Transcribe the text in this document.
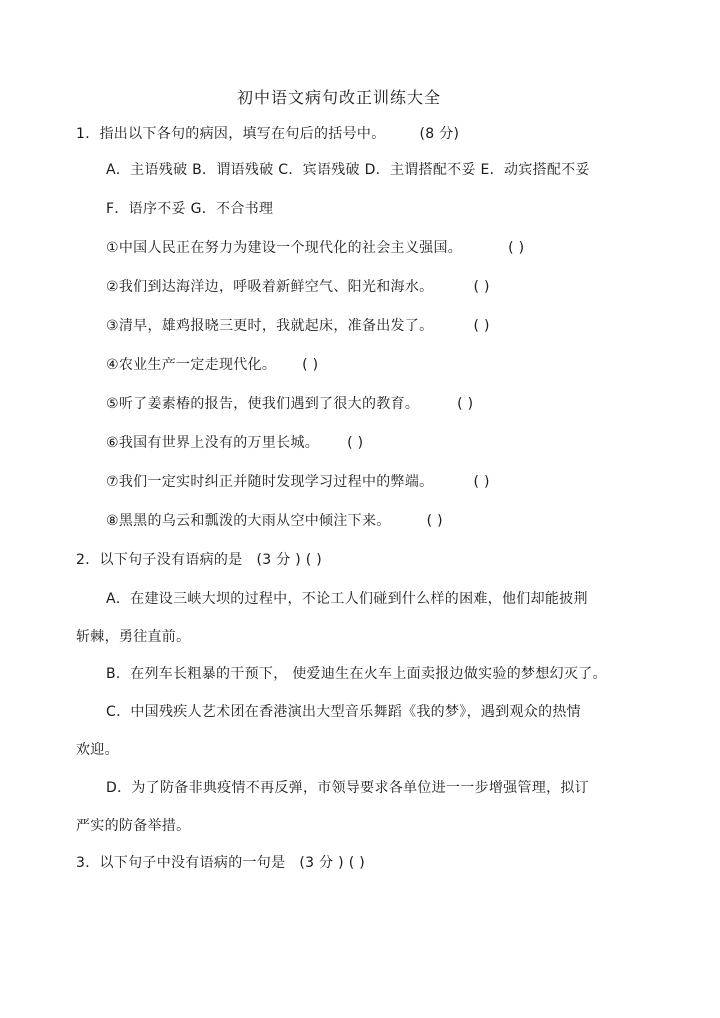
初中语文病句改正训练大全
1．指出以下各句的病因，填写在句后的括号中。 (8 分)
A．主语残破 B．谓语残破 C．宾语残破 D．主谓搭配不妥 E．动宾搭配不妥
F．语序不妥 G．不合书理
①中国人民正在努力为建设一个现代化的社会主义强国。	( )
②我们到达海洋边，呼吸着新鲜空气、阳光和海水。	( )
③清早，雄鸡报晓三更时，我就起床，准备出发了。	( )
④农业生产一定走现代化。 ( )
⑤听了姜素椿的报告，使我们遇到了很大的教育。	( )
⑥我国有世界上没有的万里长城。 ( )
⑦我们一定实时纠正并随时发现学习过程中的弊端。	( )
⑧黑黑的乌云和瓢泼的大雨从空中倾注下来。	( )
2．以下句子没有语病的是 (3 分 ) ( )
A．在建设三峡大坝的过程中，不论工人们碰到什么样的困难，他们却能披荆
斩棘，勇往直前。
B．在列车长粗暴的干预下， 使爱迪生在火车上面卖报边做实验的梦想幻灭了。
C．中国残疾人艺术团在香港演出大型音乐舞蹈《我的梦》，遇到观众的热情
欢迎。
D．为了防备非典疫情不再反弹，市领导要求各单位进一一步增强管理，拟订
严实的防备举措。
3．以下句子中没有语病的一句是 (3 分 ) ( )
